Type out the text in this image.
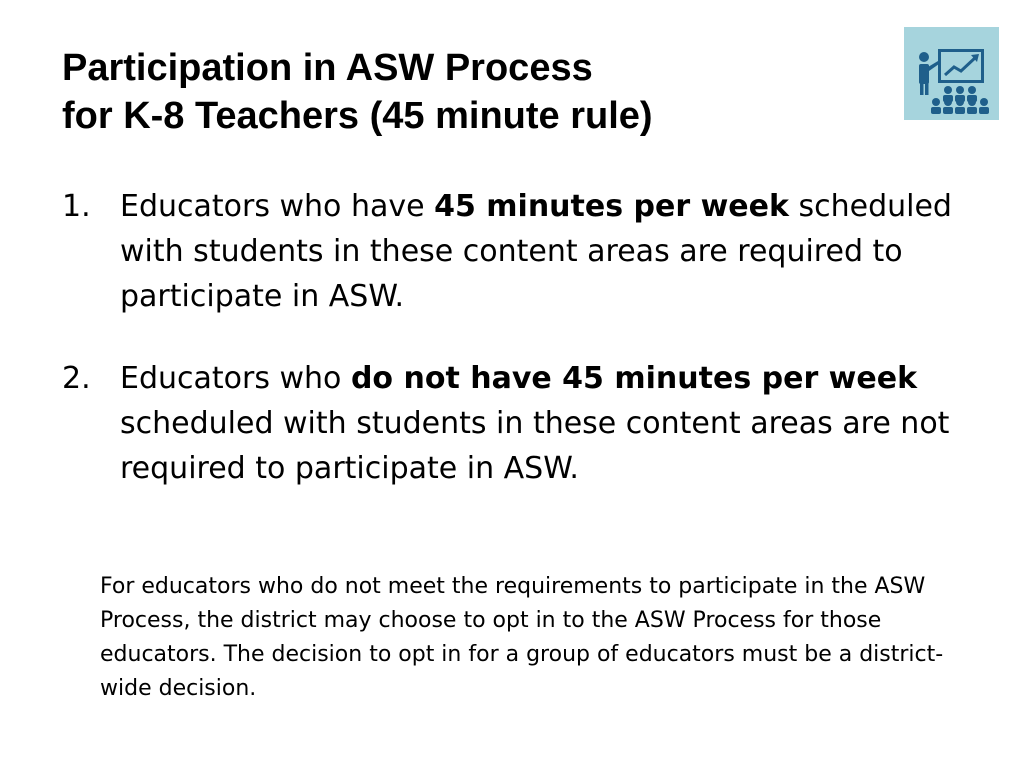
Participation in ASW Process
for K-8 Teachers (45 minute rule)
1. Educators who have 45 minutes per week scheduled with students in these content areas are required to participate in ASW.
2. Educators who do not have 45 minutes per week scheduled with students in these content areas are not required to participate in ASW.

For educators who do not meet the requirements to participate in the ASW Process, the district may choose to opt in to the ASW Process for those educators. The decision to opt in for a group of educators must be a district-wide decision.
